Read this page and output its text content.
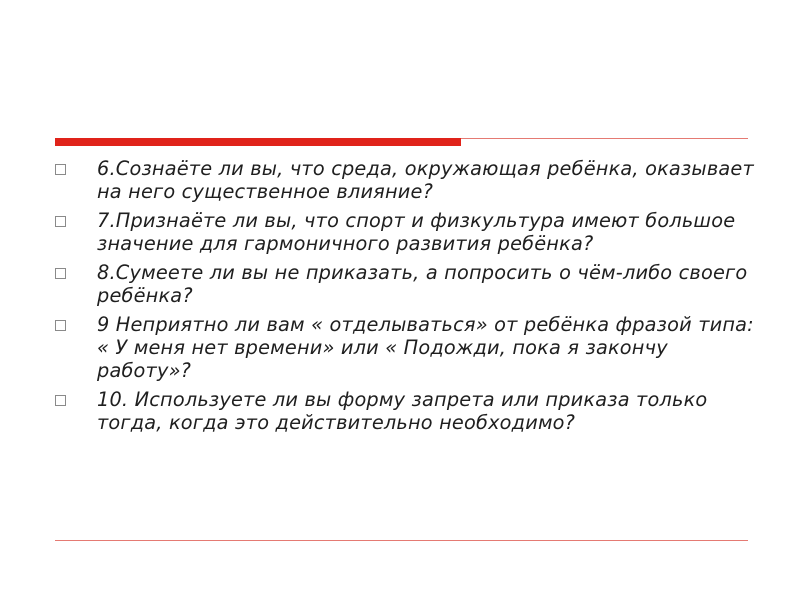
6.Сознаёте ли вы, что среда, окружающая ребёнка, оказывает на него существенное влияние?
7.Признаёте ли вы, что спорт и физкультура имеют большое значение для гармоничного развития ребёнка?
8.Сумеете ли вы не приказать, а попросить о чём-либо своего ребёнка?
9 Неприятно ли вам « отделываться» от ребёнка фразой типа: « У меня нет времени» или « Подожди, пока я закончу работу»?
10. Используете ли вы форму запрета или приказа только тогда, когда это действительно необходимо?
